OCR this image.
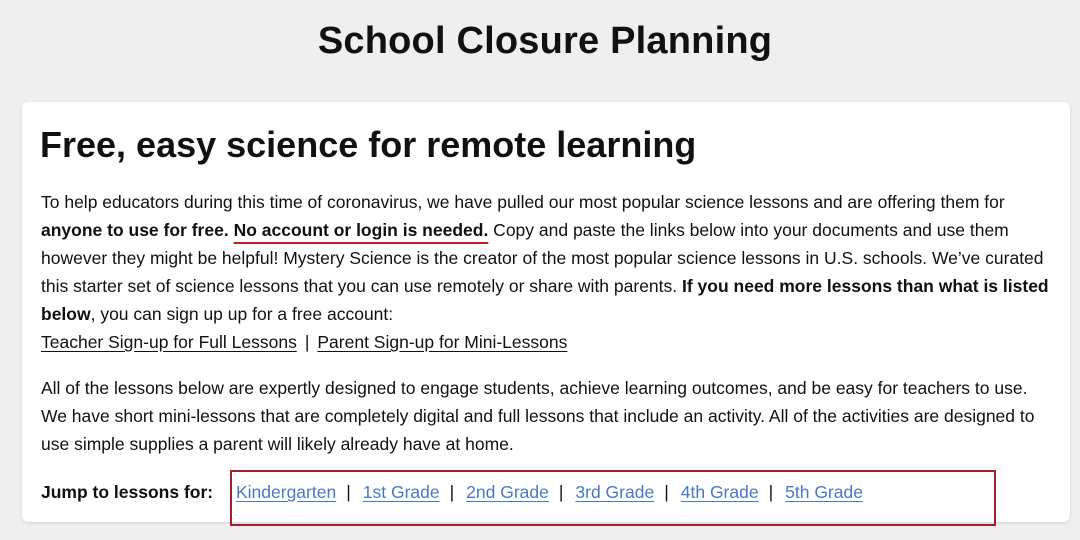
School Closure Planning
Free, easy science for remote learning

To help educators during this time of coronavirus, we have pulled our most popular science lessons and are offering them for anyone to use for free. No account or login is needed. Copy and paste the links below into your documents and use them however they might be helpful! Mystery Science is the creator of the most popular science lessons in U.S. schools. We’ve curated this starter set of science lessons that you can use remotely or share with parents. If you need more lessons than what is listed below, you can sign up up for a free account:
Teacher Sign-up for Full Lessons | Parent Sign-up for Mini-Lessons

All of the lessons below are expertly designed to engage students, achieve learning outcomes, and be easy for teachers to use. We have short mini-lessons that are completely digital and full lessons that include an activity. All of the activities are designed to use simple supplies a parent will likely already have at home.

Jump to lessons for: Kindergarten | 1st Grade | 2nd Grade | 3rd Grade | 4th Grade | 5th Grade
